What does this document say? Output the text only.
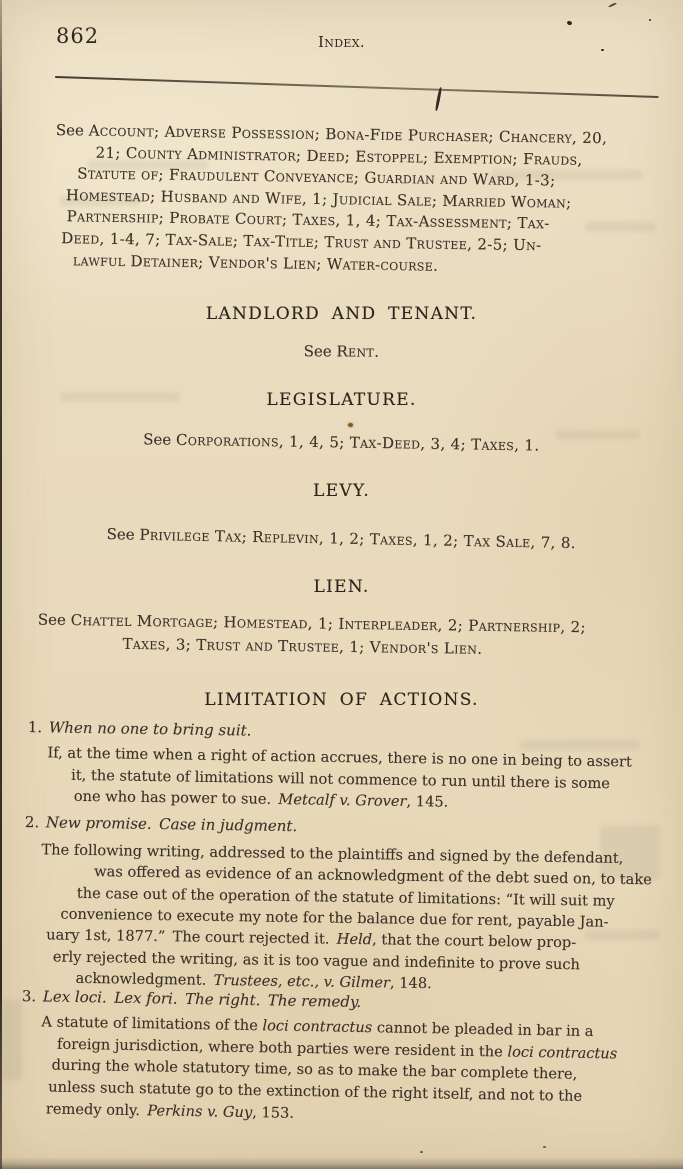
862	Index.
See Account; Adverse Possession; Bona-Fide Purchaser; Chancery, 20,
21; County Administrator; Deed; Estoppel; Exemption; Frauds,
Statute of; Fraudulent Conveyance; Guardian and Ward, 1-3;
Homestead; Husband and Wife, 1; Judicial Sale; Married Woman;
Partnership; Probate Court; Taxes, 1, 4; Tax-Assessment; Tax-
Deed, 1-4, 7; Tax-Sale; Tax-Title; Trust and Trustee, 2-5; Un-
lawful Detainer; Vendor's Lien; Water-course.
LANDLORD AND TENANT.
See Rent.
LEGISLATURE.
See Corporations, 1, 4, 5; Tax-Deed, 3, 4; Taxes, 1.
LEVY.
See Privilege Tax; Replevin, 1, 2; Taxes, 1, 2; Tax Sale, 7, 8.
LIEN.
See Chattel Mortgage; Homestead, 1; Interpleader, 2; Partnership, 2;
Taxes, 3; Trust and Trustee, 1; Vendor's Lien.
LIMITATION OF ACTIONS.
1. When no one to bring suit.
If, at the time when a right of action accrues, there is no one in being to assert
it, the statute of limitations will not commence to run until there is some
one who has power to sue. Metcalf v. Grover, 145.
2. New promise. Case in judgment.
The following writing, addressed to the plaintiffs and signed by the defendant,
was offered as evidence of an acknowledgment of the debt sued on, to take
the case out of the operation of the statute of limitations: “It will suit my
convenience to execute my note for the balance due for rent, payable Jan-
uary 1st, 1877.” The court rejected it. Held, that the court below prop-
erly rejected the writing, as it is too vague and indefinite to prove such
acknowledgment. Trustees, etc., v. Gilmer, 148.
3. Lex loci. Lex fori. The right. The remedy.
A statute of limitations of the loci contractus cannot be pleaded in bar in a
foreign jurisdiction, where both parties were resident in the loci contractus
during the whole statutory time, so as to make the bar complete there,
unless such statute go to the extinction of the right itself, and not to the
remedy only. Perkins v. Guy, 153.
